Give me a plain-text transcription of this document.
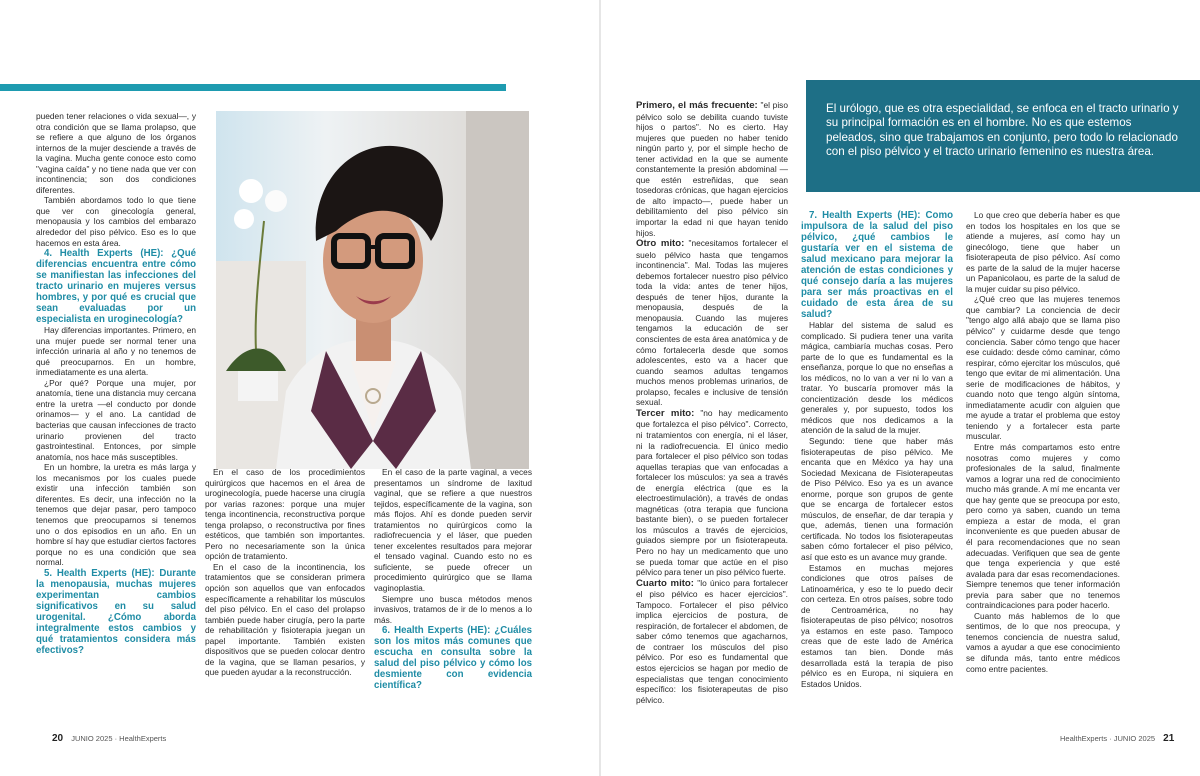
pueden tener relaciones o vida sexual—, y otra condición que se llama prolapso, que se refiere a que alguno de los órganos internos de la mujer desciende a través de la vagina. Mucha gente conoce esto como "vagina caída" y no tiene nada que ver con incontinencia; son dos condiciones diferentes.

También abordamos todo lo que tiene que ver con ginecología general, menopausia y los cambios del embarazo alrededor del piso pélvico. Eso es lo que hacemos en esta área.

4. Health Experts (HE): ¿Qué diferencias encuentra entre cómo se manifiestan las infecciones del tracto urinario en mujeres versus hombres, y por qué es crucial que sean evaluadas por un especialista en uroginecología?

Hay diferencias importantes. Primero, en una mujer puede ser normal tener una infección urinaria al año y no tenemos de qué preocuparnos. En un hombre, inmediatamente es una alerta.

¿Por qué? Porque una mujer, por anatomía, tiene una distancia muy cercana entre la uretra —el conducto por donde orinamos— y el ano. La cantidad de bacterias que causan infecciones de tracto urinario provienen del tracto gastrointestinal. Entonces, por simple anatomía, nos hace más susceptibles.

En un hombre, la uretra es más larga y los mecanismos por los cuales puede existir una infección también son diferentes. Es decir, una infección no la tenemos que dejar pasar, pero tampoco tenemos que preocuparnos si tenemos uno o dos episodios en un año. En un hombre sí hay que estudiar ciertos factores porque no es una condición que sea normal.

5. Health Experts (HE): Durante la menopausia, muchas mujeres experimentan cambios significativos en su salud urogenital. ¿Cómo aborda integralmente estos cambios y qué tratamientos considera más efectivos?

En el caso de los procedimientos quirúrgicos que hacemos en el área de uroginecología, puede hacerse una cirugía por varias razones: porque una mujer tenga incontinencia, reconstructiva porque tenga prolapso, o reconstructiva por fines estéticos, que también son importantes. Pero no necesariamente son la única opción de tratamiento.

En el caso de la incontinencia, los tratamientos que se consideran primera opción son aquellos que van enfocados específicamente a rehabilitar los músculos del piso pélvico. En el caso del prolapso también puede haber cirugía, pero la parte de rehabilitación y fisioterapia juegan un papel importante. También existen dispositivos que se pueden colocar dentro de la vagina, que se llaman pesarios, y que pueden ayudar a la reconstrucción.

En el caso de la parte vaginal, a veces presentamos un síndrome de laxitud vaginal, que se refiere a que nuestros tejidos, específicamente de la vagina, son más flojos. Ahí es donde pueden servir tratamientos no quirúrgicos como la radiofrecuencia y el láser, que pueden tener excelentes resultados para mejorar el tensado vaginal. Cuando esto no es suficiente, se puede ofrecer un procedimiento quirúrgico que se llama vaginoplastia.

Siempre uno busca métodos menos invasivos, tratamos de ir de lo menos a lo más.

6. Health Experts (HE): ¿Cuáles son los mitos más comunes que escucha en consulta sobre la salud del piso pélvico y cómo los desmiente con evidencia científica?

Primero, el más frecuente: "el piso pélvico solo se debilita cuando tuviste hijos o partos". No es cierto. Hay mujeres que pueden no haber tenido ningún parto y, por el simple hecho de tener actividad en la que se aumente constantemente la presión abdominal —que estén estreñidas, que sean tosedoras crónicas, que hagan ejercicios de alto impacto—, puede haber un debilitamiento del piso pélvico sin importar la edad ni que hayan tenido hijos.

Otro mito: "necesitamos fortalecer el suelo pélvico hasta que tengamos incontinencia". Mal. Todas las mujeres debemos fortalecer nuestro piso pélvico toda la vida: antes de tener hijos, después de tener hijos, durante la menopausia, después de la menopausia. Cuando las mujeres tengamos la educación de ser conscientes de esta área anatómica y de cómo fortalecerla desde que somos adolescentes, esto va a hacer que cuando seamos adultas tengamos muchos menos problemas urinarios, de prolapso, fecales e inclusive de tensión sexual.

Tercer mito: "no hay medicamento que fortalezca el piso pélvico". Correcto, ni tratamientos con energía, ni el láser, ni la radiofrecuencia. El único medio para fortalecer el piso pélvico son todas aquellas terapias que van enfocadas a fortalecer los músculos: ya sea a través de energía eléctrica (que es la electroestimulación), a través de ondas magnéticas (otra terapia que funciona bastante bien), o se pueden fortalecer los músculos a través de ejercicios, guiados siempre por un fisioterapeuta. Pero no hay un medicamento que uno se pueda tomar que actúe en el piso pélvico para tener un piso pélvico fuerte.

Cuarto mito: "lo único para fortalecer el piso pélvico es hacer ejercicios". Tampoco. Fortalecer el piso pélvico implica ejercicios de postura, de respiración, de fortalecer el abdomen, de saber cómo tenemos que agacharnos, de contraer los músculos del piso pélvico. Por eso es fundamental que estos ejercicios se hagan por medio de especialistas que tengan conocimiento específico: los fisioterapeutas de piso pélvico.

El urólogo, que es otra especialidad, se enfoca en el tracto urinario y su principal formación es en el hombre. No es que estemos peleados, sino que trabajamos en conjunto, pero todo lo relacionado con el piso pélvico y el tracto urinario femenino es nuestra área.

7. Health Experts (HE): Como impulsora de la salud del piso pélvico, ¿qué cambios le gustaría ver en el sistema de salud mexicano para mejorar la atención de estas condiciones y qué consejo daría a las mujeres para ser más proactivas en el cuidado de esta área de su salud?

Hablar del sistema de salud es complicado. Si pudiera tener una varita mágica, cambiaría muchas cosas. Pero parte de lo que es fundamental es la enseñanza, porque lo que no enseñas a los médicos, no lo van a ver ni lo van a tratar. Yo buscaría promover más la concientización desde los médicos generales y, por supuesto, todos los médicos que nos dedicamos a la atención de la salud de la mujer.

Segundo: tiene que haber más fisioterapeutas de piso pélvico. Me encanta que en México ya hay una Sociedad Mexicana de Fisioterapeutas de Piso Pélvico. Eso ya es un avance enorme, porque son grupos de gente que se encarga de fortalecer estos músculos, de enseñar, de dar terapia y que, además, tienen una formación certificada. No todos los fisioterapeutas saben cómo fortalecer el piso pélvico, así que esto es un avance muy grande.

Estamos en muchas mejores condiciones que otros países de Latinoamérica, y eso te lo puedo decir con certeza. En otros países, sobre todo de Centroamérica, no hay fisioterapeutas de piso pélvico; nosotros ya estamos en este paso. Tampoco creas que de este lado de América estamos tan bien. Donde más desarrollada está la terapia de piso pélvico es en Europa, ni siquiera en Estados Unidos.

Lo que creo que debería haber es que en todos los hospitales en los que se atiende a mujeres, así como hay un ginecólogo, tiene que haber un fisioterapeuta de piso pélvico. Así como es parte de la salud de la mujer hacerse un Papanicolaou, es parte de la salud de la mujer cuidar su piso pélvico.

¿Qué creo que las mujeres tenemos que cambiar? La conciencia de decir "tengo algo allá abajo que se llama piso pélvico" y cuidarme desde que tengo conciencia. Saber cómo tengo que hacer ese cuidado: desde cómo caminar, cómo respirar, cómo ejercitar los músculos, qué tengo que evitar de mi alimentación. Una serie de modificaciones de hábitos, y cuando noto que tengo algún síntoma, inmediatamente acudir con alguien que me ayude a tratar el problema que estoy teniendo y a fortalecer esta parte muscular.

Entre más compartamos esto entre nosotras como mujeres y como profesionales de la salud, finalmente vamos a lograr una red de conocimiento mucho más grande. A mí me encanta ver que hay gente que se preocupa por esto, pero como ya saben, cuando un tema empieza a estar de moda, el gran inconveniente es que pueden abusar de él para recomendaciones que no sean adecuadas. Verifiquen que sea de gente que tenga experiencia y que esté avalada para dar esas recomendaciones. Siempre tenemos que tener información previa para saber que no tenemos contraindicaciones para poder hacerlo.

Cuanto más hablemos de lo que sentimos, de lo que nos preocupa, y tenemos conciencia de nuestra salud, vamos a ayudar a que ese conocimiento se difunda más, tanto entre médicos como entre pacientes.

20 JUNIO 2025 · HealthExperts	HealthExperts · JUNIO 2025 21
